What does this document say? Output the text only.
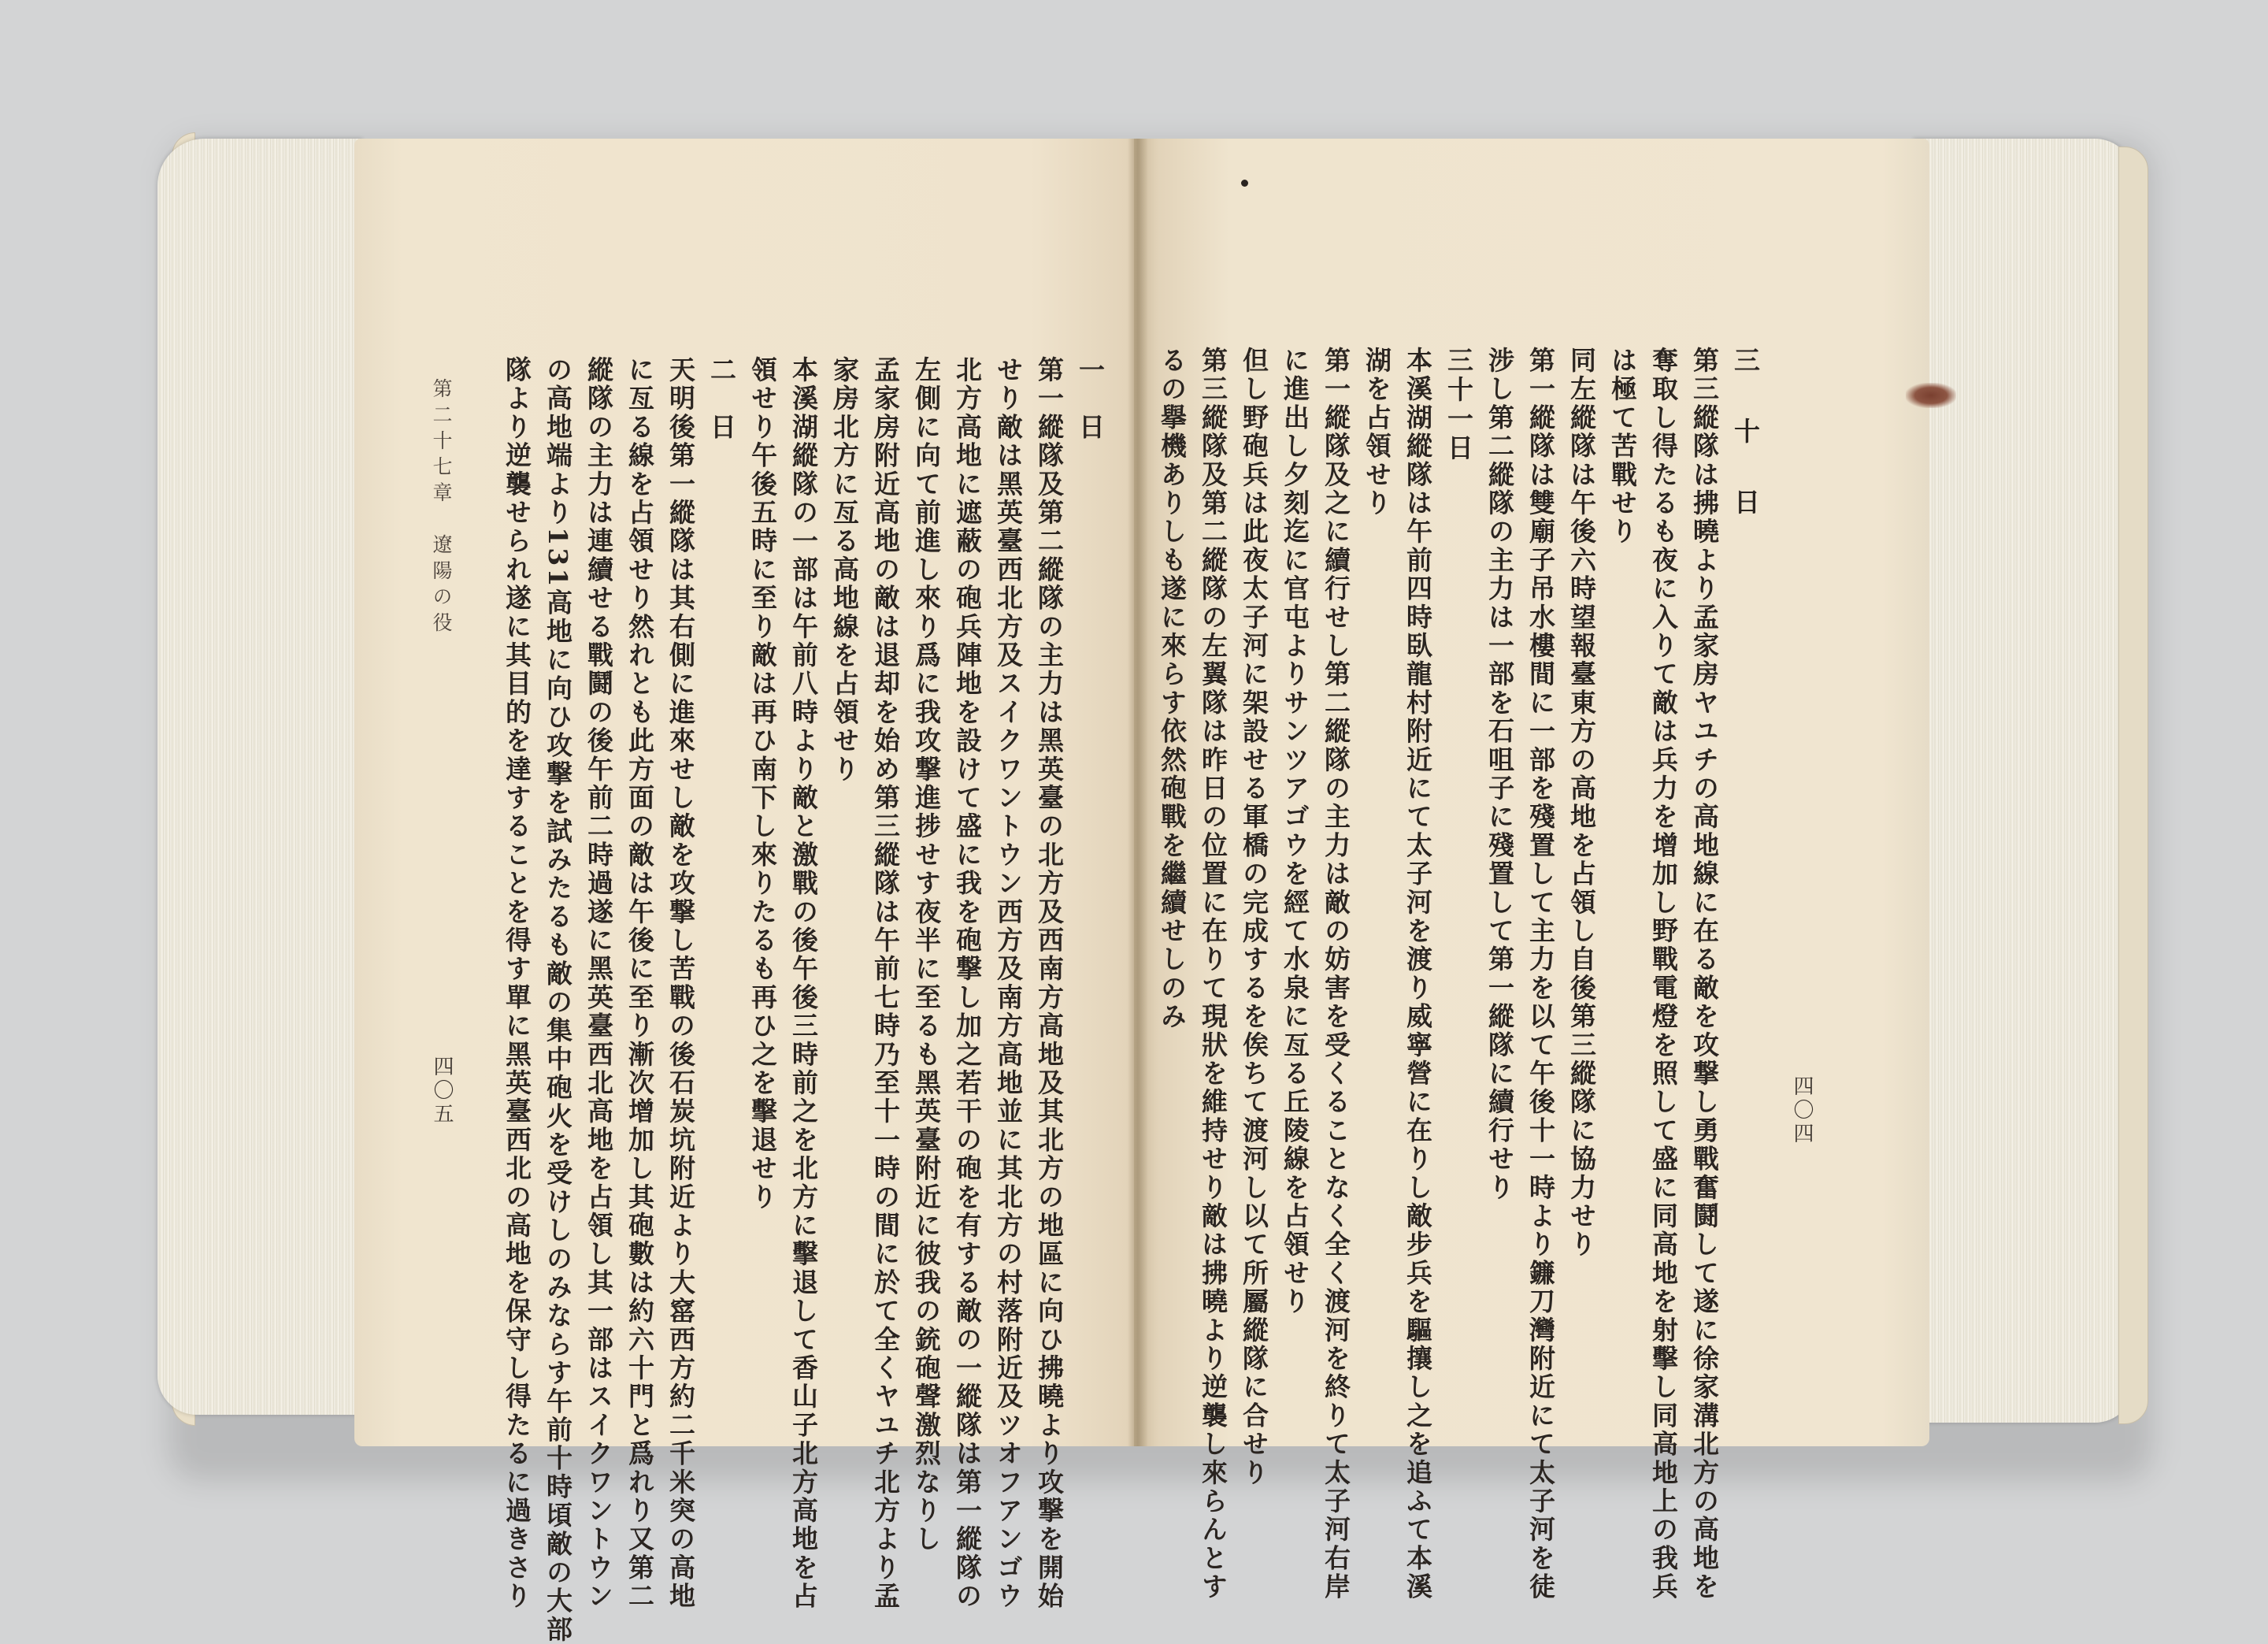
四〇四
三　十　日
第三縱隊は拂曉より孟家房ヤユチの高地線に在る敵を攻撃し勇戰奮鬪して遂に徐家溝北方の高地を
奪取し得たるも夜に入りて敵は兵力を增加し野戰電燈を照して盛に同高地を射擊し同高地上の我兵
は極て苦戰せり
同左縱隊は午後六時望報臺東方の高地を占領し自後第三縱隊に協力せり
第一縱隊は雙廟子吊水樓間に一部を殘置して主力を以て午後十一時より鐮刀灣附近にて太子河を徒
涉し第二縱隊の主力は一部を石咀子に殘置して第一縱隊に續行せり
三十一日
本溪湖縱隊は午前四時臥龍村附近にて太子河を渡り威寧營に在りし敵步兵を驅攘し之を追ふて本溪
湖を占領せり
第一縱隊及之に續行せし第二縱隊の主力は敵の妨害を受くることなく全く渡河を終りて太子河右岸
に進出し夕刻迄に官屯よりサンツアゴウを經て水泉に亙る丘陵線を占領せり
但し野砲兵は此夜太子河に架設せる軍橋の完成するを俟ちて渡河し以て所屬縱隊に合せり
第三縱隊及第二縱隊の左翼隊は昨日の位置に在りて現狀を維持せり敵は拂曉より逆襲し來らんとす
るの擧機ありしも遂に來らす依然砲戰を繼續せしのみ
一　日
第一縱隊及第二縱隊の主力は黑英臺の北方及西南方高地及其北方の地區に向ひ拂曉より攻撃を開始
せり敵は黑英臺西北方及スイクワントウン西方及南方高地並に其北方の村落附近及ツオフアンゴウ
北方高地に遮蔽の砲兵陣地を設けて盛に我を砲撃し加之若干の砲を有する敵の一縱隊は第一縱隊の
左側に向て前進し來り爲に我攻撃進捗せす夜半に至るも黑英臺附近に彼我の銃砲聲激烈なりし
孟家房附近高地の敵は退却を始め第三縱隊は午前七時乃至十一時の間に於て全くヤユチ北方より孟
家房北方に亙る高地線を占領せり
本溪湖縱隊の一部は午前八時より敵と激戰の後午後三時前之を北方に擊退して香山子北方高地を占
領せり午後五時に至り敵は再ひ南下し來りたるも再ひ之を擊退せり
二　日
天明後第一縱隊は其右側に進來せし敵を攻撃し苦戰の後石炭坑附近より大窰西方約二千米突の高地
に亙る線を占領せり然れとも此方面の敵は午後に至り漸次增加し其砲數は約六十門と爲れり又第二
縱隊の主力は連續せる戰鬪の後午前二時過遂に黑英臺西北高地を占領し其一部はスイクワントウン
の高地端より131高地に向ひ攻撃を試みたるも敵の集中砲火を受けしのみならす午前十時頃敵の大部
隊より逆襲せられ遂に其目的を達することを得す單に黑英臺西北の高地を保守し得たるに過きさり
第二十七章　遼陽の役
四〇五
